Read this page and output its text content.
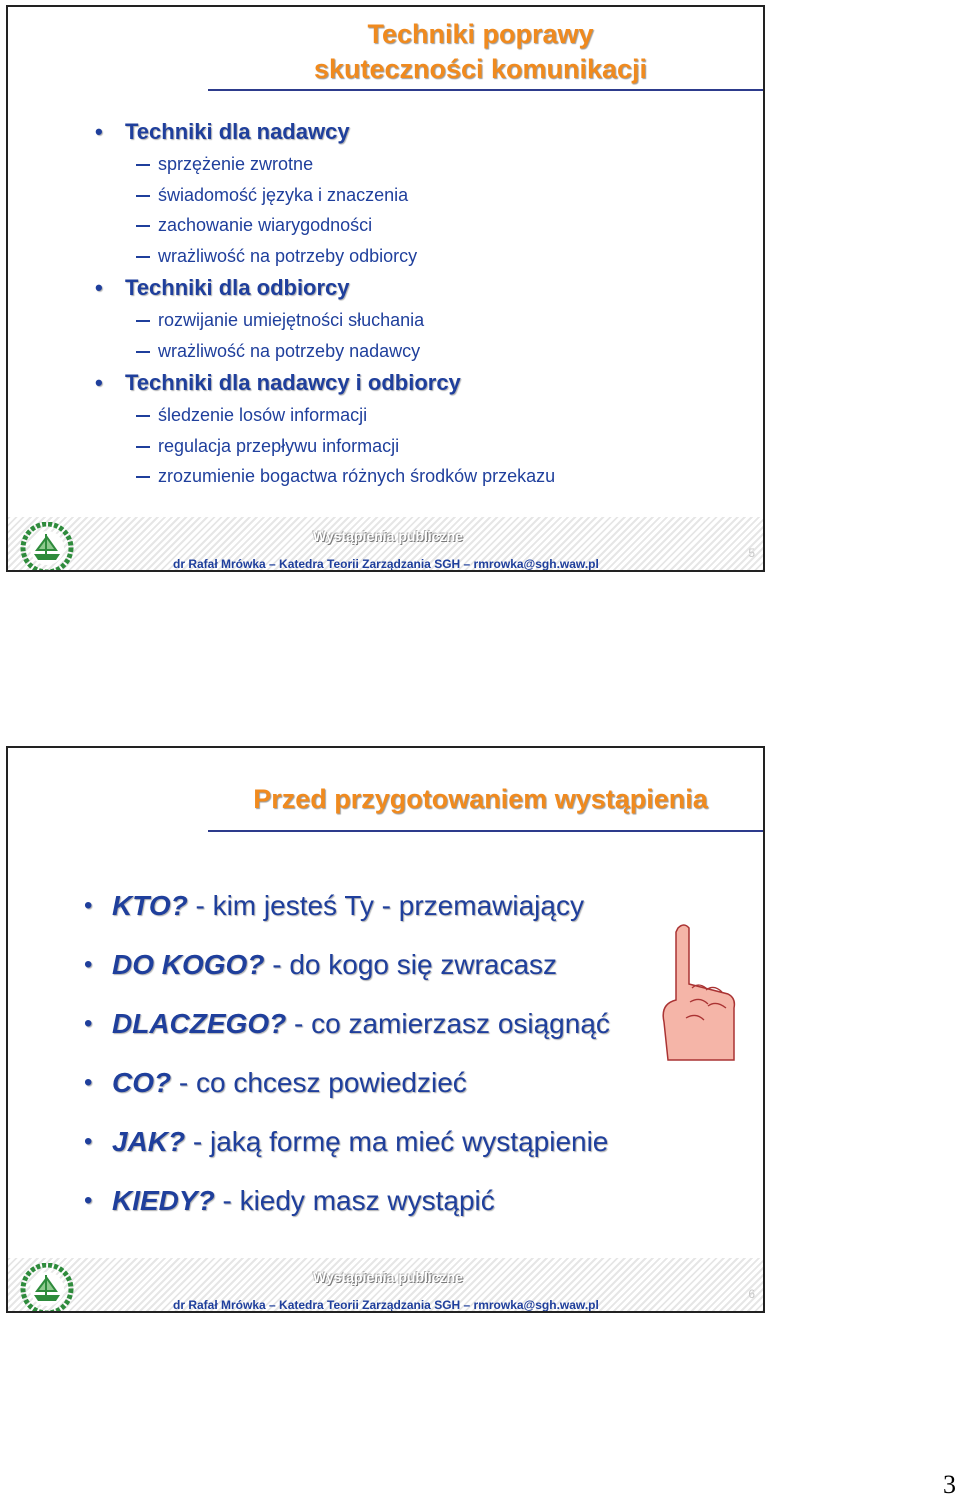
Techniki poprawy
skuteczności komunikacji
• Techniki dla nadawcy
sprzężenie zwrotne
świadomość języka i znaczenia
zachowanie wiarygodności
wrażliwość na potrzeby odbiorcy
• Techniki dla odbiorcy
rozwijanie umiejętności słuchania
wrażliwość na potrzeby nadawcy
• Techniki dla nadawcy i odbiorcy
śledzenie losów informacji
regulacja przepływu informacji
zrozumienie bogactwa różnych środków przekazu
Wystąpienia publiczne
dr Rafał Mrówka – Katedra Teorii Zarządzania SGH – rmrowka@sgh.waw.pl
5
Przed przygotowaniem wystąpienia
• KTO? - kim jesteś Ty - przemawiający
• DO KOGO? - do kogo się zwracasz
• DLACZEGO? - co zamierzasz osiągnąć
• CO? - co chcesz powiedzieć
• JAK? - jaką formę ma mieć wystąpienie
• KIEDY? - kiedy masz wystąpić
Wystąpienia publiczne
dr Rafał Mrówka – Katedra Teorii Zarządzania SGH – rmrowka@sgh.waw.pl
6
3
